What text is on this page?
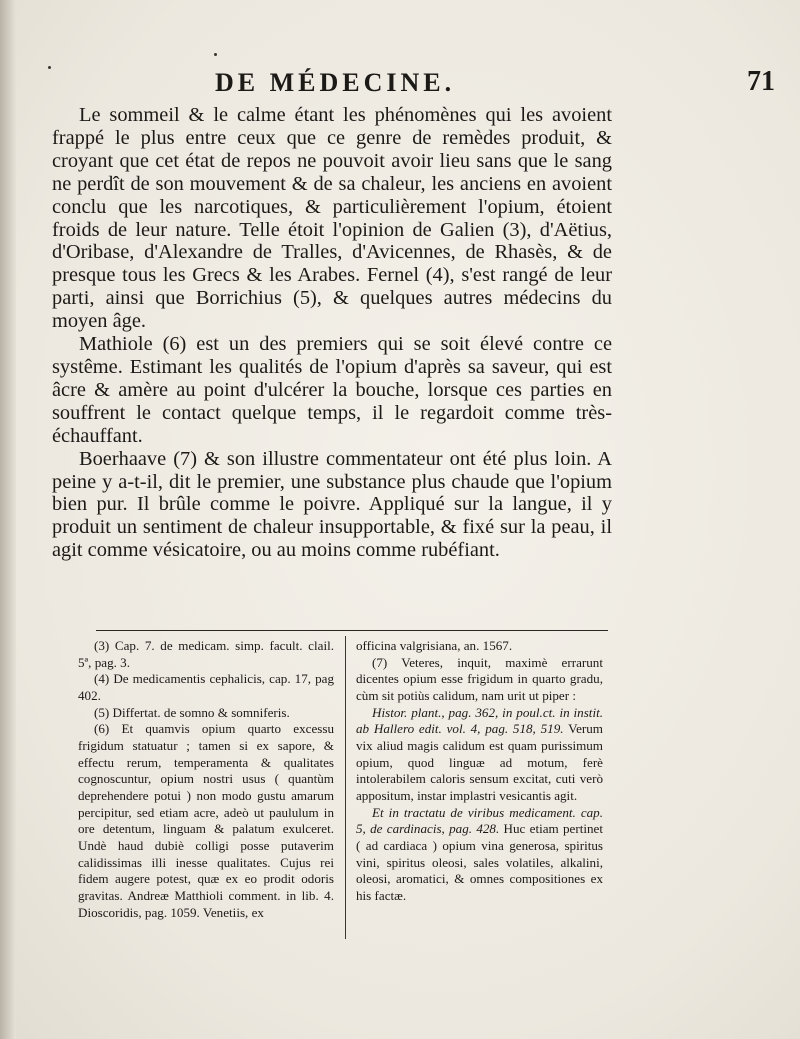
DE MÉDECINE.	71

Le sommeil & le calme étant les phénomènes qui les avoient frappé le plus entre ceux que ce genre de remèdes produit, & croyant que cet état de repos ne pouvoit avoir lieu sans que le sang ne perdît de son mouvement & de sa chaleur, les anciens en avoient conclu que les narcotiques, & particulièrement l'opium, étoient froids de leur nature. Telle étoit l'opinion de Galien (3), d'Aëtius, d'Oribase, d'Alexandre de Tralles, d'Avicennes, de Rhasès, & de presque tous les Grecs & les Arabes. Fernel (4), s'est rangé de leur parti, ainsi que Borrichius (5), & quelques autres médecins du moyen âge.

Mathiole (6) est un des premiers qui se soit élevé contre ce systême. Estimant les qualités de l'opium d'après sa saveur, qui est âcre & amère au point d'ulcérer la bouche, lorsque ces parties en souffrent le contact quelque temps, il le regardoit comme très-échauffant.

Boerhaave (7) & son illustre commentateur ont été plus loin. A peine y a-t-il, dit le premier, une substance plus chaude que l'opium bien pur. Il brûle comme le poivre. Appliqué sur la langue, il y produit un sentiment de chaleur insupportable, & fixé sur la peau, il agit comme vésicatoire, ou au moins comme rubéfiant.

(3) Cap. 7. de medicam. simp. facult. clail. 5ª, pag. 3.

(4) De medicamentis cephalicis, cap. 17, pag 402.

(5) Differtat. de somno & somniferis.

(6) Et quamvis opium quarto excessu frigidum statuatur ; tamen si ex sapore, & effectu rerum, temperamenta & qualitates cognoscuntur, opium nostri usus ( quantùm deprehendere potui ) non modo gustu amarum percipitur, sed etiam acre, adeò ut paululum in ore detentum, linguam & palatum exulceret. Undè haud dubiè colligi posse putaverim calidissimas illi inesse qualitates. Cujus rei fidem augere potest, quæ ex eo prodit odoris gravitas. Andreæ Matthioli comment. in lib. 4. Dioscoridis, pag. 1059. Venetiis, ex

officina valgrisiana, an. 1567.

(7) Veteres, inquit, maximè errarunt dicentes opium esse frigidum in quarto gradu, cùm sit potiùs calidum, nam urit ut piper :

Histor. plant., pag. 362, in poul.ct. in instit. ab Hallero edit. vol. 4, pag. 518, 519. Verum vix aliud magis calidum est quam purissimum opium, quod linguæ ad motum, ferè intolerabilem caloris sensum excitat, cuti verò appositum, instar implastri vesicantis agit.

Et in tractatu de viribus medicament. cap. 5, de cardinacis, pag. 428. Huc etiam pertinet ( ad cardiaca ) opium vina generosa, spiritus vini, spiritus oleosi, sales volatiles, alkalini, oleosi, aromatici, & omnes compositiones ex his factæ.
